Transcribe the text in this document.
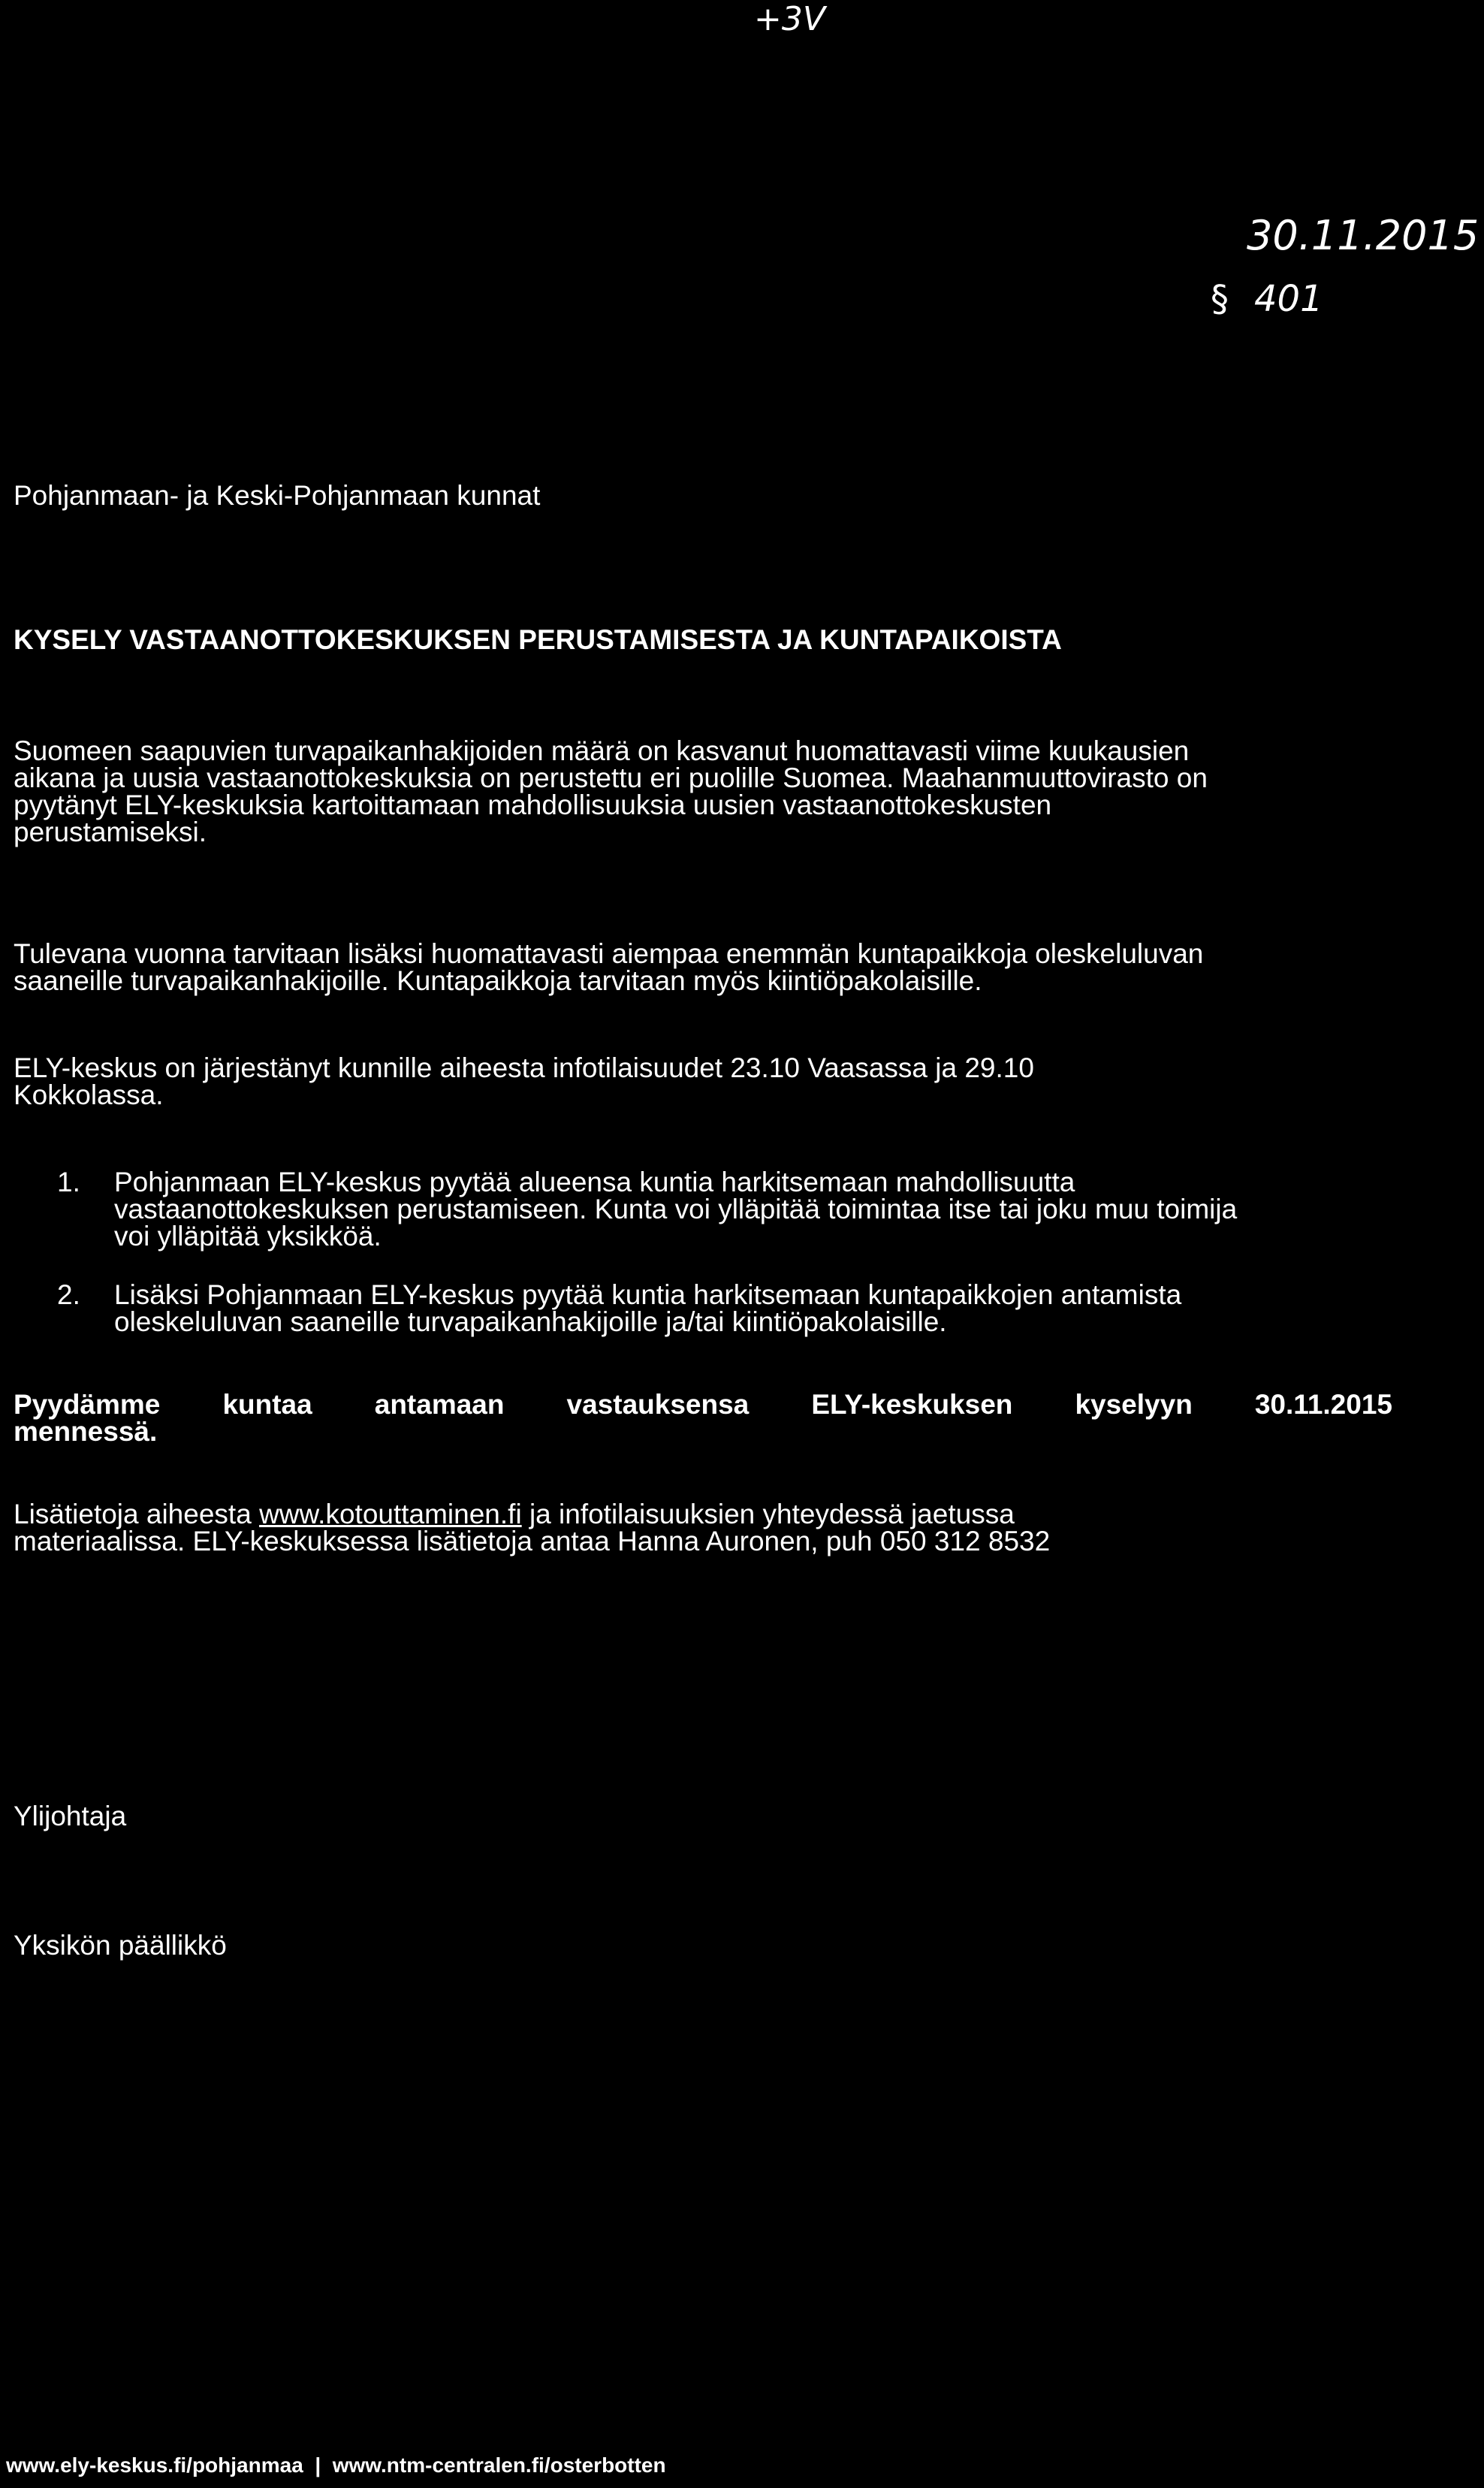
+3V
30.11.2015
§ 401
Pohjanmaan- ja Keski-Pohjanmaan kunnat
KYSELY VASTAANOTTOKESKUKSEN PERUSTAMISESTA JA KUNTAPAIKOISTA
Suomeen saapuvien turvapaikanhakijoiden määrä on kasvanut huomattavasti viime kuukausien
aikana ja uusia vastaanottokeskuksia on perustettu eri puolille Suomea. Maahanmuuttovirasto on
pyytänyt ELY-keskuksia kartoittamaan mahdollisuuksia uusien vastaanottokeskusten
perustamiseksi.
Tulevana vuonna tarvitaan lisäksi huomattavasti aiempaa enemmän kuntapaikkoja oleskeluluvan
saaneille turvapaikanhakijoille. Kuntapaikkoja tarvitaan myös kiintiöpakolaisille.
ELY-keskus on järjestänyt kunnille aiheesta infotilaisuudet 23.10 Vaasassa ja 29.10
Kokkolassa.
1. Pohjanmaan ELY-keskus pyytää alueensa kuntia harkitsemaan mahdollisuutta
vastaanottokeskuksen perustamiseen. Kunta voi ylläpitää toimintaa itse tai joku muu toimija
voi ylläpitää yksikköä.
2. Lisäksi Pohjanmaan ELY-keskus pyytää kuntia harkitsemaan kuntapaikkojen antamista
oleskeluluvan saaneille turvapaikanhakijoille ja/tai kiintiöpakolaisille.
Pyydämme kuntaa antamaan vastauksensa ELY-keskuksen kyselyyn 30.11.2015
mennessä.
Lisätietoja aiheesta www.kotouttaminen.fi ja infotilaisuuksien yhteydessä jaetussa
materiaalissa. ELY-keskuksessa lisätietoja antaa Hanna Auronen, puh 050 312 8532
Ylijohtaja
Yksikön päällikkö
www.ely-keskus.fi/pohjanmaa  |  www.ntm-centralen.fi/osterbotten
